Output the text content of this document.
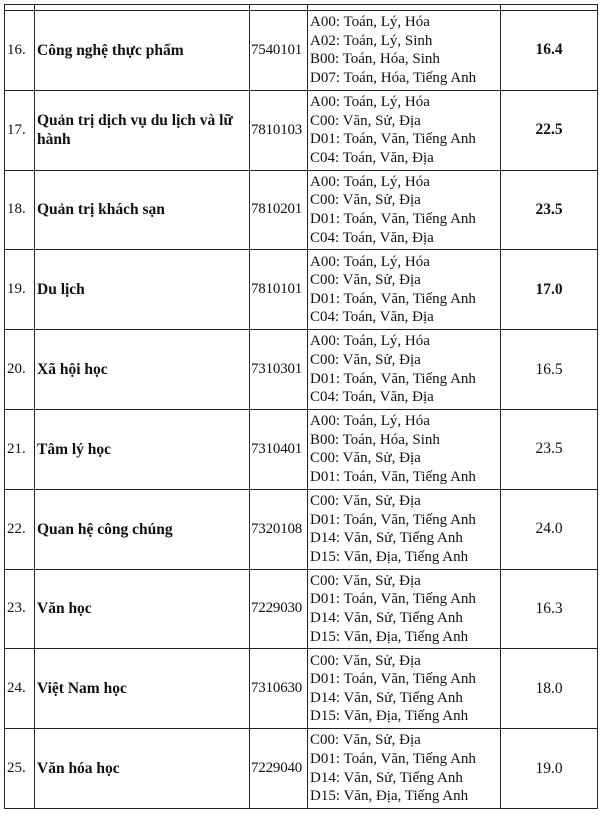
16.	Công nghệ thực phẩm	7540101	A00: Toán, Lý, Hóa
A02: Toán, Lý, Sinh
B00: Toán, Hóa, Sinh
D07: Toán, Hóa, Tiếng Anh	16.4
17.	Quản trị dịch vụ du lịch và lữ hành	7810103	A00: Toán, Lý, Hóa
C00: Văn, Sử, Địa
D01: Toán, Văn, Tiếng Anh
C04: Toán, Văn, Địa	22.5
18.	Quản trị khách sạn	7810201	A00: Toán, Lý, Hóa
C00: Văn, Sử, Địa
D01: Toán, Văn, Tiếng Anh
C04: Toán, Văn, Địa	23.5
19.	Du lịch	7810101	A00: Toán, Lý, Hóa
C00: Văn, Sử, Địa
D01: Toán, Văn, Tiếng Anh
C04: Toán, Văn, Địa	17.0
20.	Xã hội học	7310301	A00: Toán, Lý, Hóa
C00: Văn, Sử, Địa
D01: Toán, Văn, Tiếng Anh
C04: Toán, Văn, Địa	16.5
21.	Tâm lý học	7310401	A00: Toán, Lý, Hóa
B00: Toán, Hóa, Sinh
C00: Văn, Sử, Địa
D01: Toán, Văn, Tiếng Anh	23.5
22.	Quan hệ công chúng	7320108	C00: Văn, Sử, Địa
D01: Toán, Văn, Tiếng Anh
D14: Văn, Sử, Tiếng Anh
D15: Văn, Địa, Tiếng Anh	24.0
23.	Văn học	7229030	C00: Văn, Sử, Địa
D01: Toán, Văn, Tiếng Anh
D14: Văn, Sử, Tiếng Anh
D15: Văn, Địa, Tiếng Anh	16.3
24.	Việt Nam học	7310630	C00: Văn, Sử, Địa
D01: Toán, Văn, Tiếng Anh
D14: Văn, Sử, Tiếng Anh
D15: Văn, Địa, Tiếng Anh	18.0
25.	Văn hóa học	7229040	C00: Văn, Sử, Địa
D01: Toán, Văn, Tiếng Anh
D14: Văn, Sử, Tiếng Anh
D15: Văn, Địa, Tiếng Anh	19.0
